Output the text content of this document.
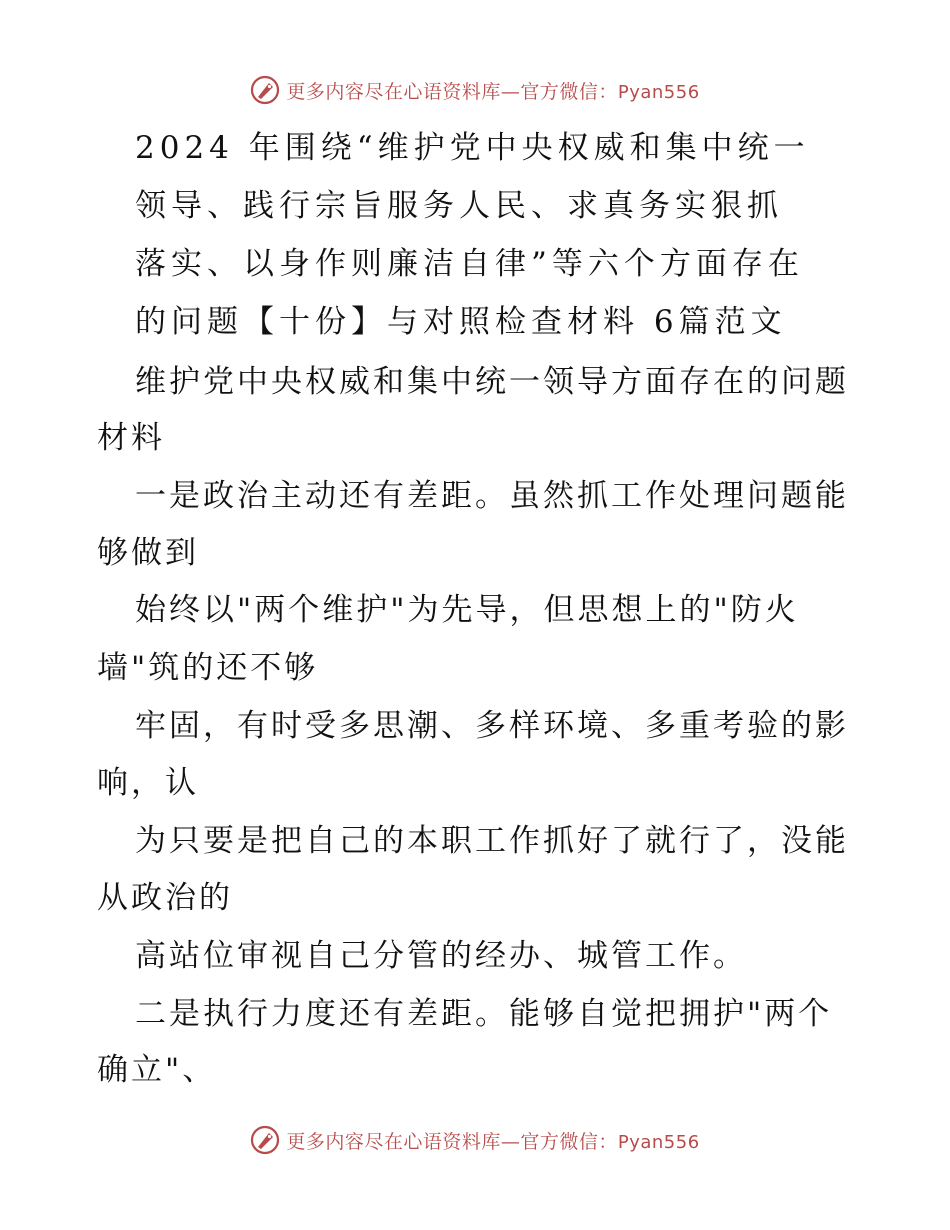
更多内容尽在心语资料库—官方微信：Pyan556
2024 年围绕“维护党中央权威和集中统一
领导、践行宗旨服务人民、求真务实狠抓
落实、以身作则廉洁自律”等六个方面存在
的问题【十份】与对照检查材料 6篇范文
维护党中央权威和集中统一领导方面存在的问题
材料
一是政治主动还有差距。虽然抓工作处理问题能
够做到
始终以"两个维护"为先导，但思想上的"防火
墙"筑的还不够
牢固，有时受多思潮、多样环境、多重考验的影
响，认
为只要是把自己的本职工作抓好了就行了，没能
从政治的
高站位审视自己分管的经办、城管工作。
二是执行力度还有差距。能够自觉把拥护"两个
确立"、
更多内容尽在心语资料库—官方微信：Pyan556
